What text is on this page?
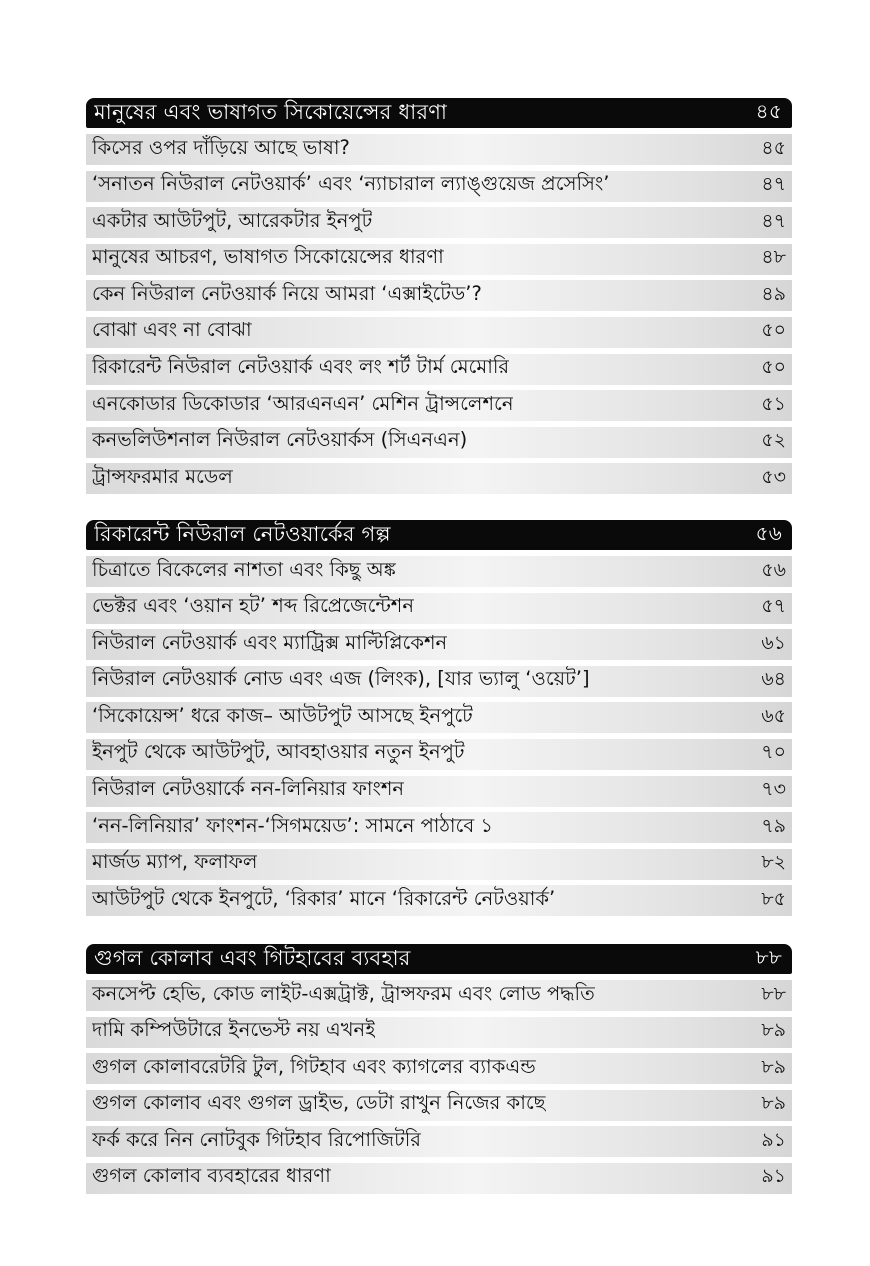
মানুষের এবং ভাষাগত সিকোয়েন্সের ধারণা	৪৫
কিসের ওপর দাঁড়িয়ে আছে ভাষা?	৪৫
‘সনাতন নিউরাল নেটওয়ার্ক’ এবং ‘ন্যাচারাল ল্যাঙ্গুয়েজ প্রসেসিং’	৪৭
একটার আউটপুট, আরেকটার ইনপুট	৪৭
মানুষের আচরণ, ভাষাগত সিকোয়েন্সের ধারণা	৪৮
কেন নিউরাল নেটওয়ার্ক নিয়ে আমরা ‘এক্সাইটেড’?	৪৯
বোঝা এবং না বোঝা	৫০
রিকারেন্ট নিউরাল নেটওয়ার্ক এবং লং শর্ট টার্ম মেমোরি	৫০
এনকোডার ডিকোডার ‘আরএনএন’ মেশিন ট্রান্সলেশনে	৫১
কনভলিউশনাল নিউরাল নেটওয়ার্কস (সিএনএন)	৫২
ট্রান্সফরমার মডেল	৫৩
রিকারেন্ট নিউরাল নেটওয়ার্কের গল্প	৫৬
চিত্রাতে বিকেলের নাশতা এবং কিছু অঙ্ক	৫৬
ভেক্টর এবং ‘ওয়ান হট’ শব্দ রিপ্রেজেন্টেশন	৫৭
নিউরাল নেটওয়ার্ক এবং ম্যাট্রিক্স মাল্টিপ্লিকেশন	৬১
নিউরাল নেটওয়ার্ক নোড এবং এজ (লিংক), [যার ভ্যালু ‘ওয়েট’]	৬৪
‘সিকোয়েন্স’ ধরে কাজ– আউটপুট আসছে ইনপুটে	৬৫
ইনপুট থেকে আউটপুট, আবহাওয়ার নতুন ইনপুট	৭০
নিউরাল নেটওয়ার্কে নন-লিনিয়ার ফাংশন	৭৩
‘নন-লিনিয়ার’ ফাংশন-‘সিগময়েড’: সামনে পাঠাবে ১	৭৯
মার্জড ম্যাপ, ফলাফল	৮২
আউটপুট থেকে ইনপুটে, ‘রিকার’ মানে ‘রিকারেন্ট নেটওয়ার্ক’	৮৫
গুগল কোলাব এবং গিটহাবের ব্যবহার	৮৮
কনসেপ্ট হেভি, কোড লাইট-এক্সট্রাক্ট, ট্রান্সফরম এবং লোড পদ্ধতি	৮৮
দামি কম্পিউটারে ইনভেস্ট নয় এখনই	৮৯
গুগল কোলাবরেটরি টুল, গিটহাব এবং ক্যাগলের ব্যাকএন্ড	৮৯
গুগল কোলাব এবং গুগল ড্রাইভ, ডেটা রাখুন নিজের কাছে	৮৯
ফর্ক করে নিন নোটবুক গিটহাব রিপোজিটরি	৯১
গুগল কোলাব ব্যবহারের ধারণা	৯১
